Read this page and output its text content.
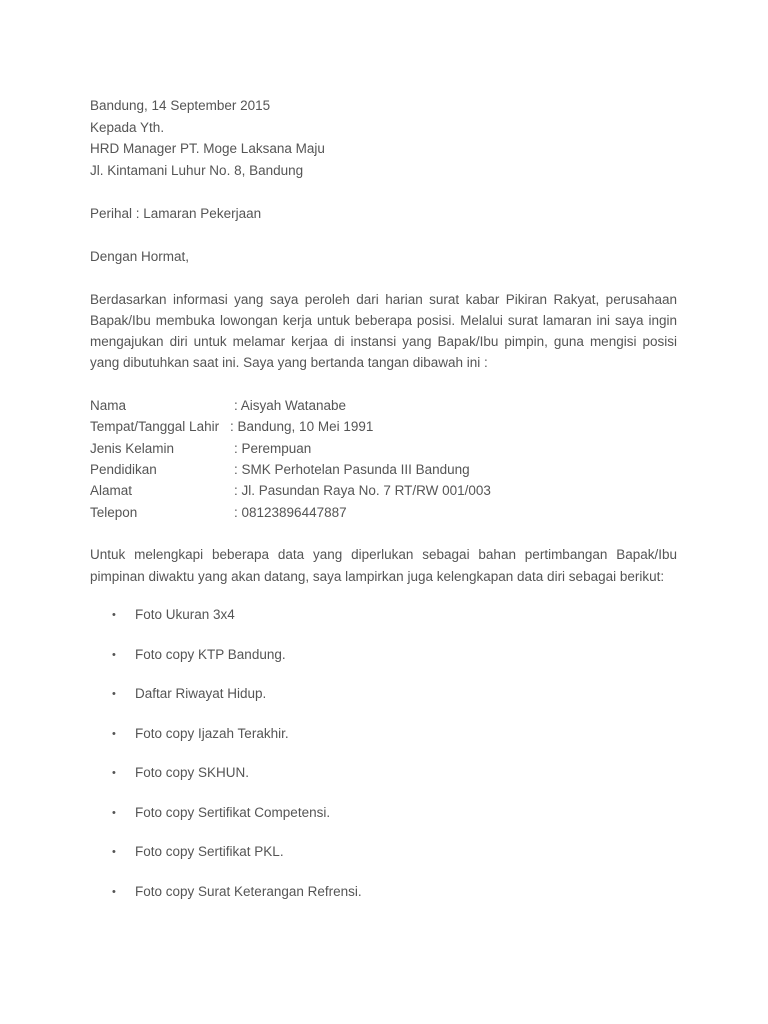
Bandung, 14 September 2015
Kepada Yth.
HRD Manager PT. Moge Laksana Maju
Jl. Kintamani Luhur No. 8, Bandung
Perihal : Lamaran Pekerjaan
Dengan Hormat,
Berdasarkan informasi yang saya peroleh dari harian surat kabar Pikiran Rakyat, perusahaan Bapak/Ibu membuka lowongan kerja untuk beberapa posisi. Melalui surat lamaran ini saya ingin mengajukan diri untuk melamar kerjaa di instansi yang Bapak/Ibu pimpin, guna mengisi posisi yang dibutuhkan saat ini. Saya yang bertanda tangan dibawah ini :
Nama	: Aisyah Watanabe
Tempat/Tanggal Lahir : Bandung, 10 Mei 1991
Jenis Kelamin	: Perempuan
Pendidikan	: SMK Perhotelan Pasunda III Bandung
Alamat	: Jl. Pasundan Raya No. 7 RT/RW 001/003
Telepon	: 08123896447887
Untuk melengkapi beberapa data yang diperlukan sebagai bahan pertimbangan Bapak/Ibu pimpinan diwaktu yang akan datang, saya lampirkan juga kelengkapan data diri sebagai berikut:
• Foto Ukuran 3x4
• Foto copy KTP Bandung.
• Daftar Riwayat Hidup.
• Foto copy Ijazah Terakhir.
• Foto copy SKHUN.
• Foto copy Sertifikat Competensi.
• Foto copy Sertifikat PKL.
• Foto copy Surat Keterangan Refrensi.
